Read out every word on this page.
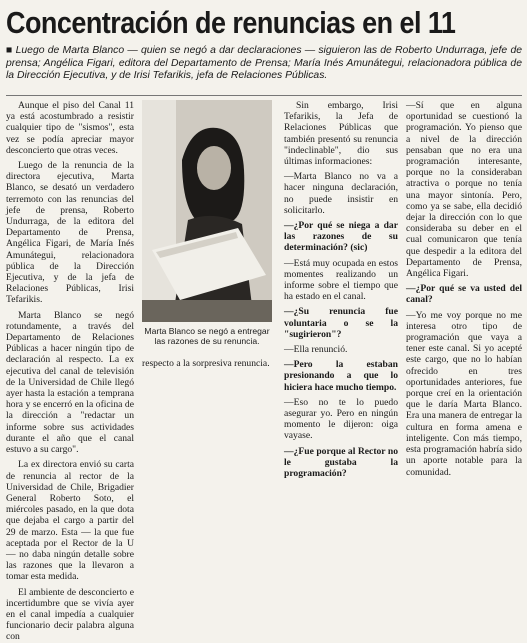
Concentración de renuncias en el 11
■ Luego de Marta Blanco — quien se negó a dar declaraciones — siguieron las de Roberto Undurraga, jefe de prensa; Angélica Figari, editora del Departamento de Prensa; María Inés Amunátegui, relacionadora pública de la Dirección Ejecutiva, y de Irisi Tefarikis, jefa de Relaciones Públicas.

Aunque el piso del Canal 11 ya está acostumbrado a resistir cualquier tipo de "sismos", esta vez se podía apreciar mayor desconcierto que otras veces.

Luego de la renuncia de la directora ejecutiva, Marta Blanco, se desató un verdadero terremoto con las renuncias del jefe de prensa, Roberto Undurraga, de la editora del Departamento de Prensa, Angélica Figari, de María Inés Amunátegui, relacionadora pública de la Dirección Ejecutiva, y de la jefa de Relaciones Públicas, Irisi Tefarikis.

Marta Blanco se negó rotundamente, a través del Departamento de Relaciones Públicas a hacer ningún tipo de declaración al respecto. La ex ejecutiva del canal de televisión de la Universidad de Chile llegó ayer hasta la estación a temprana hora y se encerró en la oficina de la dirección a "redactar un informe sobre sus actividades durante el año que el canal estuvo a su cargo".

La ex directora envió su carta de renuncia al rector de la Universidad de Chile, Brigadier General Roberto Soto, el miércoles pasado, en la que dota que dejaba el cargo a partir del 29 de marzo. Esta — la que fue aceptada por el Rector de la U — no daba ningún detalle sobre las razones que la llevaron a tomar esta medida.

El ambiente de desconcierto e incertidumbre que se vivía ayer en el canal impedía a cualquier funcionario decir palabra alguna con

Marta Blanco se negó a entregar las razones de su renuncia.
respecto a la sorpresiva renuncia.

Sin embargo, Irisi Tefarikis, la Jefa de Relaciones Públicas que también presentó su renuncia "indeclinable", dio sus últimas informaciones:

—Marta Blanco no va a hacer ninguna declaración, no puede insistir en solicitarlo.

—¿Por qué se niega a dar las razones de su determinación? (sic)

—Está muy ocupada en estos momentes realizando un informe sobre el tiempo que ha estado en el canal.

—¿Su renuncia fue voluntaria o se la "sugirieron"?

—Ella renunció.

—Pero la estaban presionando a que lo hiciera hace mucho tiempo.

—Eso no te lo puedo asegurar yo. Pero en ningún momento le dijeron: oiga vayase.

—¿Fue porque al Rector no le gustaba la programación?

—Sí que en alguna oportunidad se cuestionó la programación. Yo pienso que a nivel de la dirección pensaban que no era una programación interesante, porque no la consideraban atractiva o porque no tenía una mayor sintonía. Pero, como ya se sabe, ella decidió dejar la dirección con lo que consideraba su deber en el cual comunicaron que tenía que despedir a la editora del Departamento de Prensa, Angélica Figari.

—¿Por qué se va usted del canal?

—Yo me voy porque no me interesa otro tipo de programación que vaya a tener este canal. Si yo acepté este cargo, que no lo habían ofrecido en tres oportunidades anteriores, fue porque creí en la orientación que le daría Marta Blanco. Era una manera de entregar la cultura en forma amena e inteligente. Con más tiempo, esta programación habría sido un aporte notable para la comunidad.
